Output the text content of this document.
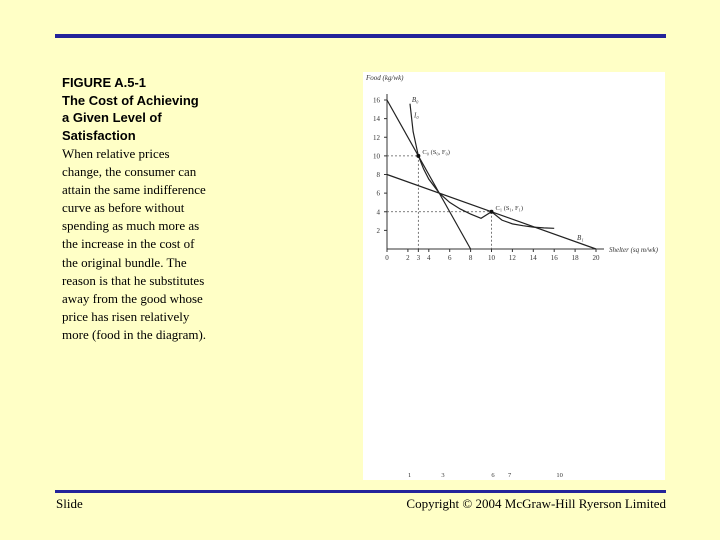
FIGURE A.5-1
The Cost of Achieving
a Given Level of
Satisfaction
When relative prices
change, the consumer can
attain the same indifference
curve as before without
spending as much more as
the increase in the cost of
the original bundle. The
reason is that he substitutes
away from the good whose
price has risen relatively
more (food in the diagram).
Food (kg/wk)
Shelter (sq m/wk)
2
4
6
8
10
12
14
16
0 2 3 4 6 8 10 12 14 16 18 20
B₀
B₁
I₀
C₀ (S₀, F₀)
C₁ (S₁, F₁)
1	3	6 7	10
Slide	Copyright © 2004 McGraw-Hill Ryerson Limited
